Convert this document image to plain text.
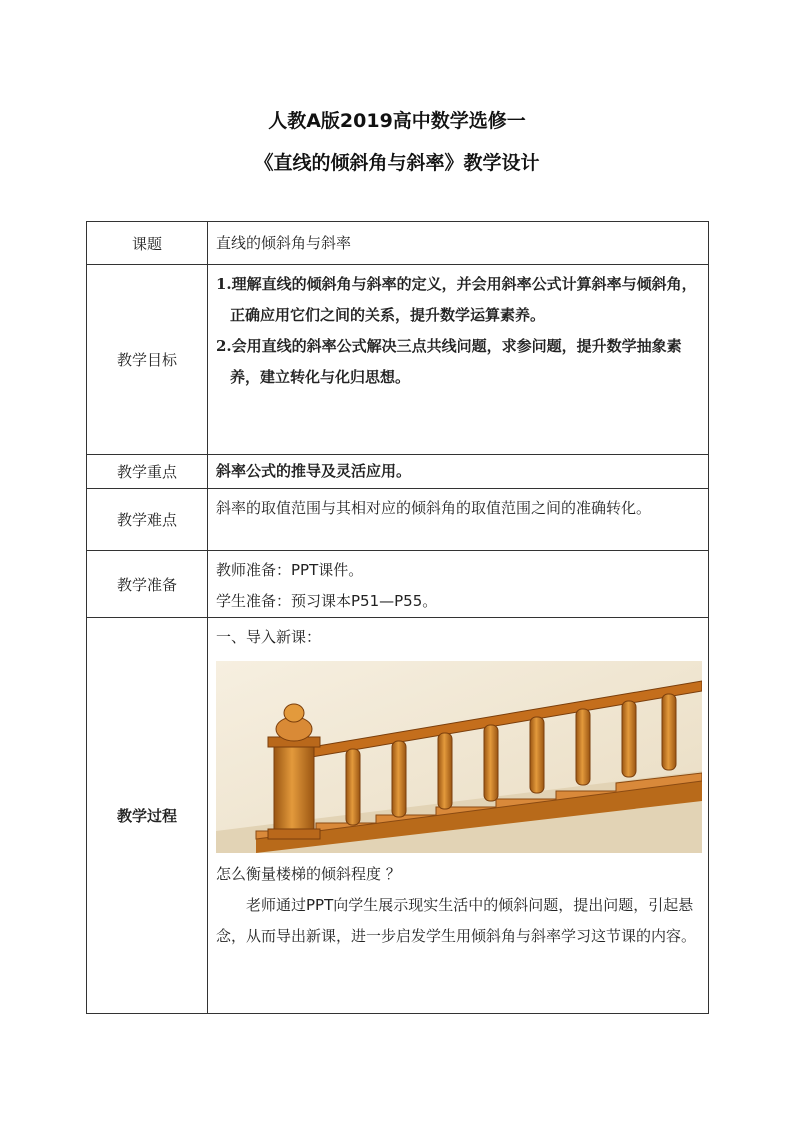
人教A版2019高中数学选修一
《直线的倾斜角与斜率》教学设计
课题	直线的倾斜角与斜率
教学目标	1.理解直线的倾斜角与斜率的定义，并会用斜率公式计算斜率与倾斜角，正确应用它们之间的关系，提升数学运算素养。

2.会用直线的斜率公式解决三点共线问题，求参问题，提升数学抽象素养，建立转化与化归思想。

教学重点	斜率公式的推导及灵活应用。
教学难点	斜率的取值范围与其相对应的倾斜角的取值范围之间的准确转化。
教学准备	教师准备：PPT课件。
学生准备：预习课本P51—P55。

教学过程	一、导入新课：
怎么衡量楼梯的倾斜程度 ？

老师通过PPT向学生展示现实生活中的倾斜问题，提出问题，引起悬念，从而导出新课，进一步启发学生用倾斜角与斜率学习这节课的内容。
